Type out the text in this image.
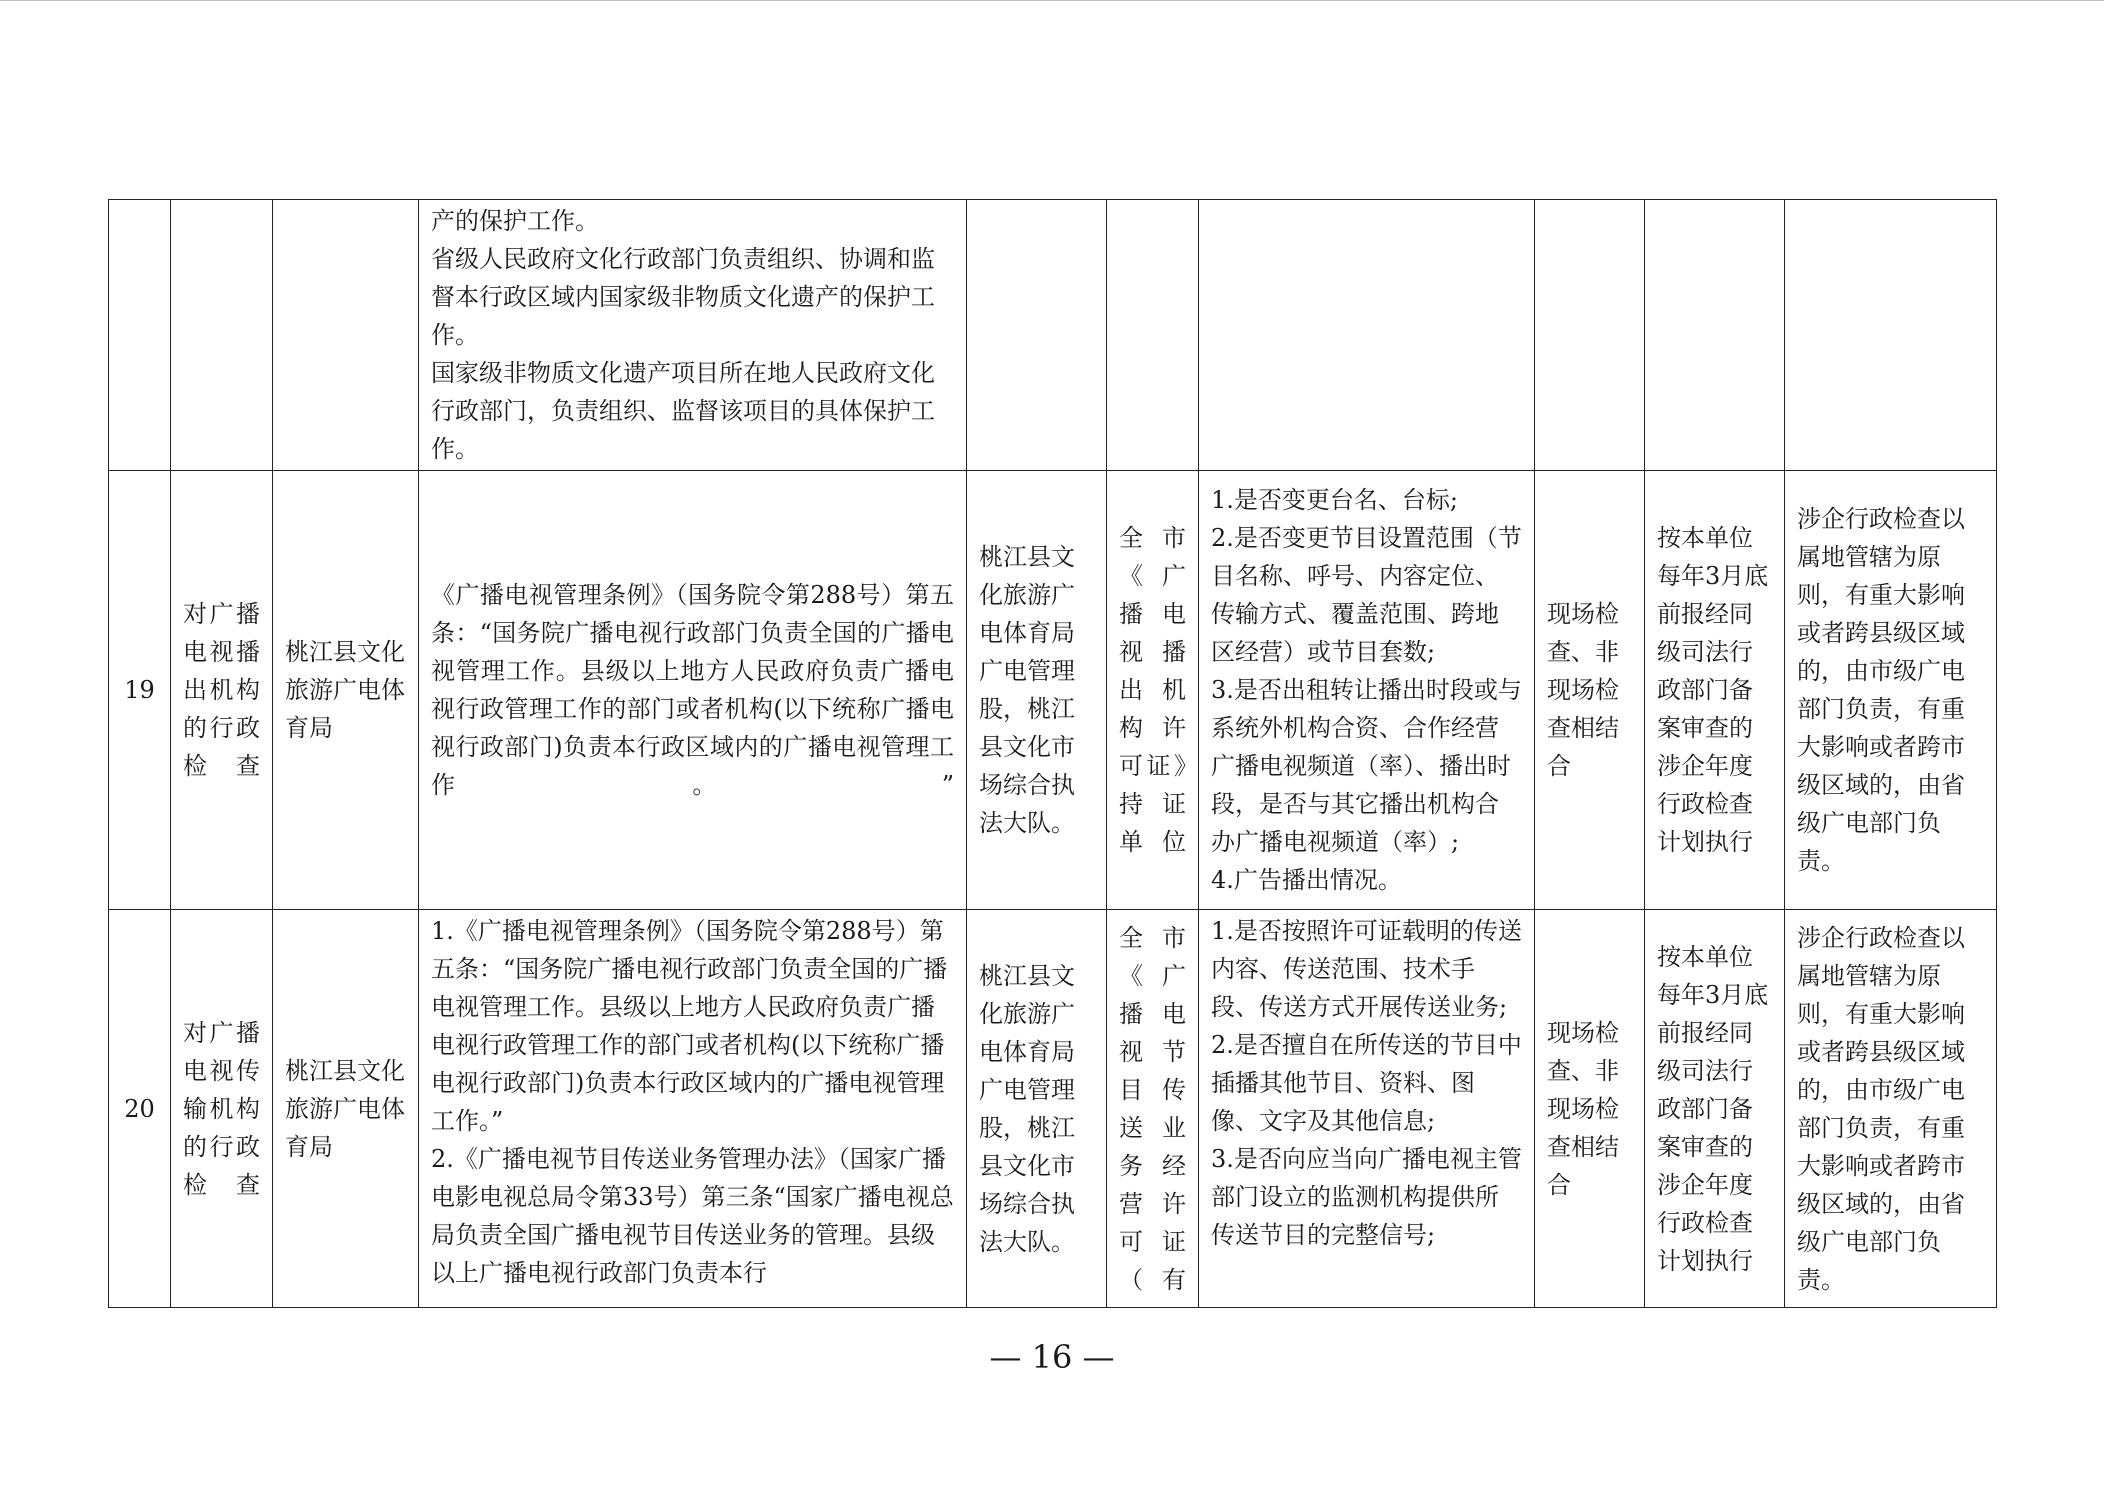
			产的保护工作。
省级人民政府文化行政部门负责组织、协调和监督本行政区域内国家级非物质文化遗产的保护工作。
国家级非物质文化遗产项目所在地人民政府文化行政部门，负责组织、监督该项目的具体保护工作。						

19	对广播电视播出机构的行政检查	桃江县文化旅游广电体育局	《广播电视管理条例》（国务院令第288号）第五条：“国务院广播电视行政部门负责全国的广播电视管理工作。县级以上地方人民政府负责广播电视行政管理工作的部门或者机构(以下统称广播电视行政部门)负责本行政区域内的广播电视管理工作。”	桃江县文化旅游广电体育局广电管理股，桃江县文化市场综合执法大队。	全市《广播电视播出机构许可证》持证单位	1.是否变更台名、台标;
2.是否变更节目设置范围（节目名称、呼号、内容定位、传输方式、覆盖范围、跨地区经营）或节目套数;
3.是否出租转让播出时段或与系统外机构合资、合作经营广播电视频道（率）、播出时段，是否与其它播出机构合办广播电视频道（率）;
4.广告播出情况。	现场检查、非现场检查相结合	按本单位每年3月底前报经同级司法行政部门备案审查的涉企年度行政检查计划执行	涉企行政检查以属地管辖为原则，有重大影响或者跨县级区域的，由市级广电部门负责，有重大影响或者跨市级区域的，由省级广电部门负责。
20	对广播电视传输机构的行政检查	桃江县文化旅游广电体育局	1.《广播电视管理条例》（国务院令第288号）第五条：“国务院广播电视行政部门负责全国的广播电视管理工作。县级以上地方人民政府负责广播电视行政管理工作的部门或者机构(以下统称广播电视行政部门)负责本行政区域内的广播电视管理工作。”
2.《广播电视节目传送业务管理办法》（国家广播电影电视总局令第33号）第三条“国家广播电视总局负责全国广播电视节目传送业务的管理。县级以上广播电视行政部门负责本行	桃江县文化旅游广电体育局广电管理股，桃江县文化市场综合执法大队。	全市《广播电视节目传送业务经营许可证（有	1.是否按照许可证载明的传送内容、传送范围、技术手段、传送方式开展传送业务;
2.是否擅自在所传送的节目中插播其他节目、资料、图像、文字及其他信息;
3.是否向应当向广播电视主管部门设立的监测机构提供所传送节目的完整信号;	现场检查、非现场检查相结合	按本单位每年3月底前报经同级司法行政部门备案审查的涉企年度行政检查计划执行	涉企行政检查以属地管辖为原则，有重大影响或者跨县级区域的，由市级广电部门负责，有重大影响或者跨市级区域的，由省级广电部门负责。
— 16 —
